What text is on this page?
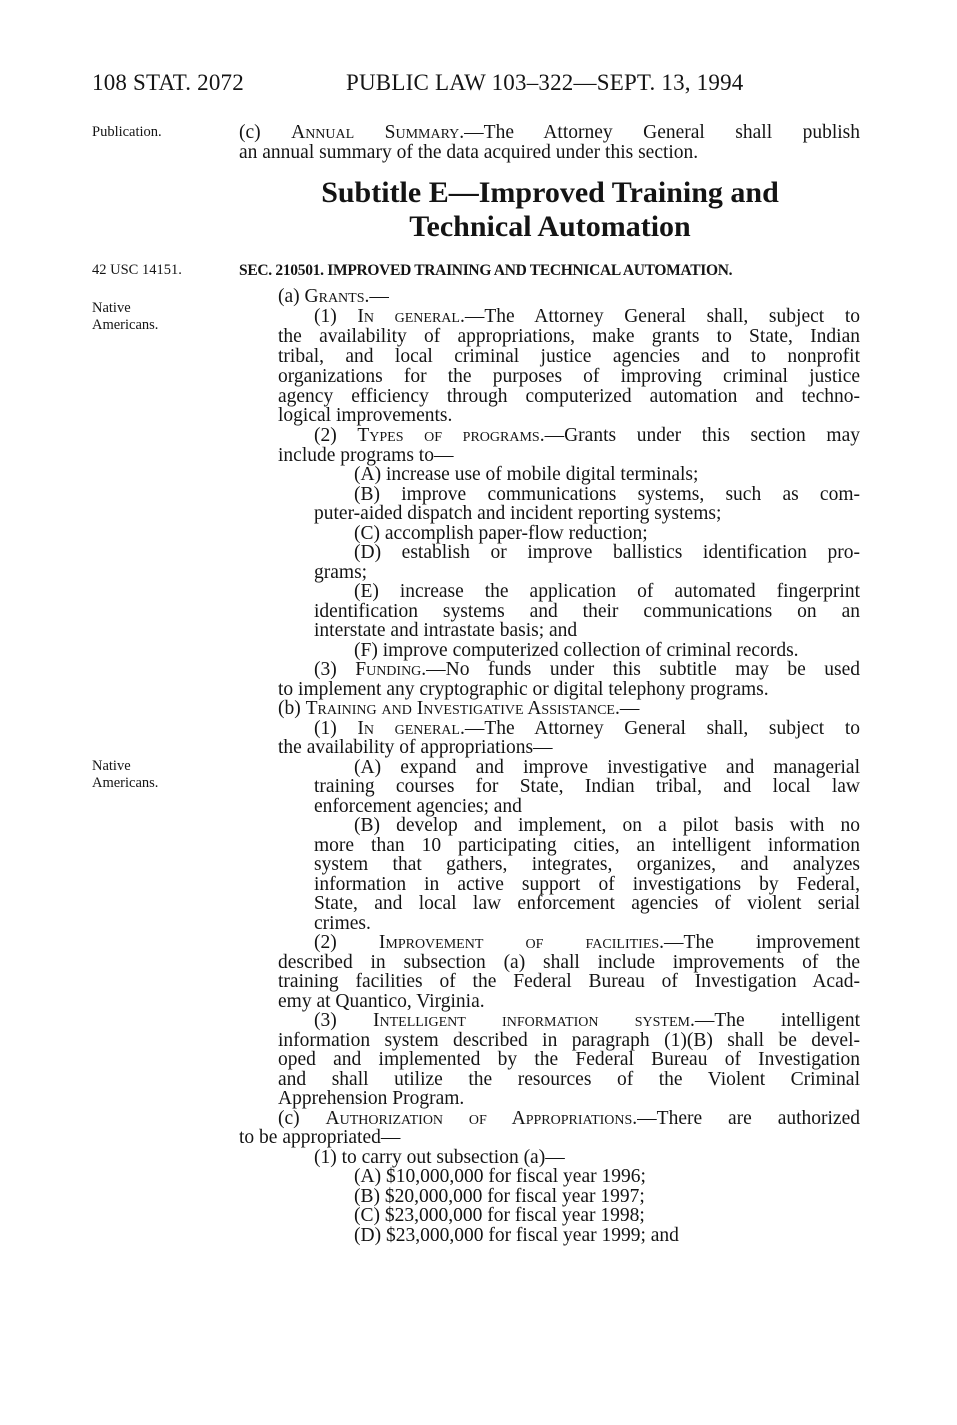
108 STAT. 2072	PUBLIC LAW 103–322—SEPT. 13, 1994
Publication.
42 USC 14151.
Native
Americans.
Native
Americans.
(c) Annual Summary.—The Attorney General shall publish
an annual summary of the data acquired under this section.
Subtitle E—Improved Training and
Technical Automation
SEC. 210501. IMPROVED TRAINING AND TECHNICAL AUTOMATION.
(a) Grants.—
(1) In general.—The Attorney General shall, subject to
the availability of appropriations, make grants to State, Indian
tribal, and local criminal justice agencies and to nonprofit
organizations for the purposes of improving criminal justice
agency efficiency through computerized automation and techno-
logical improvements.
(2) Types of programs.—Grants under this section may
include programs to—
(A) increase use of mobile digital terminals;
(B) improve communications systems, such as com-
puter-aided dispatch and incident reporting systems;
(C) accomplish paper-flow reduction;
(D) establish or improve ballistics identification pro-
grams;
(E) increase the application of automated fingerprint
identification systems and their communications on an
interstate and intrastate basis; and
(F) improve computerized collection of criminal records.
(3) Funding.—No funds under this subtitle may be used
to implement any cryptographic or digital telephony programs.
(b) Training and Investigative Assistance.—
(1) In general.—The Attorney General shall, subject to
the availability of appropriations—
(A) expand and improve investigative and managerial
training courses for State, Indian tribal, and local law
enforcement agencies; and
(B) develop and implement, on a pilot basis with no
more than 10 participating cities, an intelligent information
system that gathers, integrates, organizes, and analyzes
information in active support of investigations by Federal,
State, and local law enforcement agencies of violent serial
crimes.
(2) Improvement of facilities.—The improvement
described in subsection (a) shall include improvements of the
training facilities of the Federal Bureau of Investigation Acad-
emy at Quantico, Virginia.
(3) Intelligent information system.—The intelligent
information system described in paragraph (1)(B) shall be devel-
oped and implemented by the Federal Bureau of Investigation
and shall utilize the resources of the Violent Criminal
Apprehension Program.
(c) Authorization of Appropriations.—There are authorized
to be appropriated—
(1) to carry out subsection (a)—
(A) $10,000,000 for fiscal year 1996;
(B) $20,000,000 for fiscal year 1997;
(C) $23,000,000 for fiscal year 1998;
(D) $23,000,000 for fiscal year 1999; and
